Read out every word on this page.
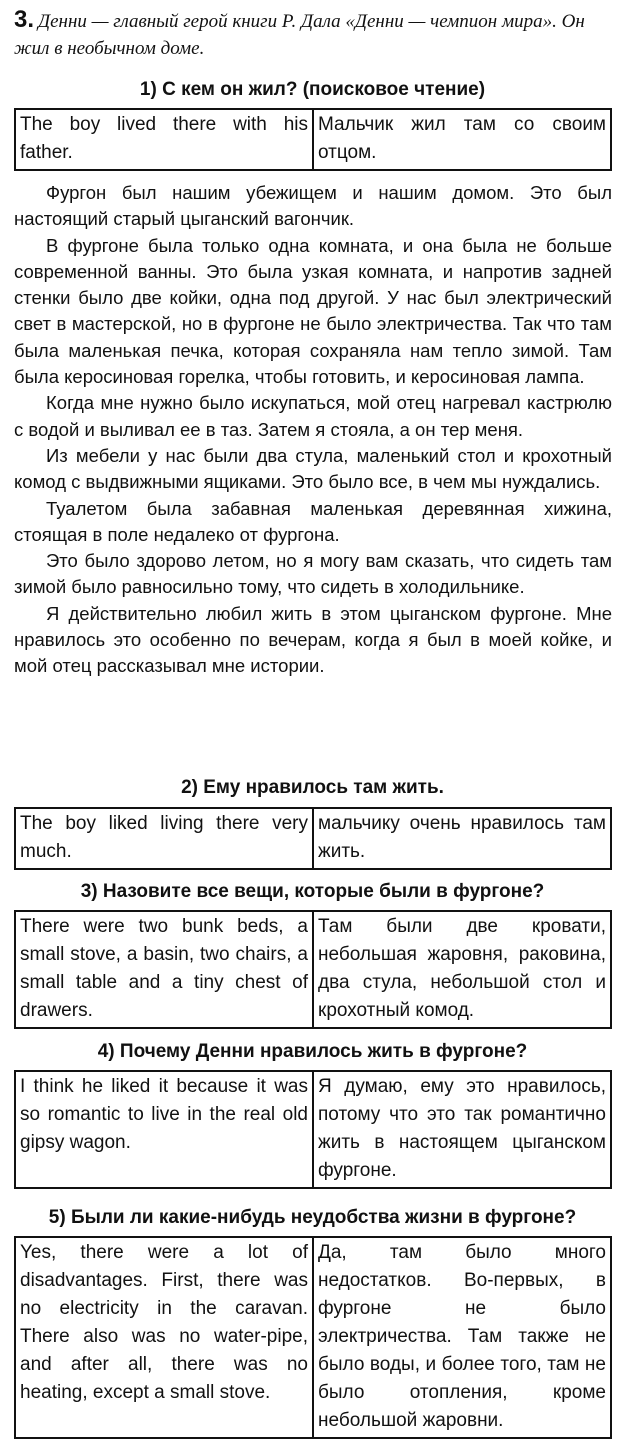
3. Денни — главный герой книги Р. Дала «Денни — чемпион мира». Он жил в необычном доме.
1) С кем он жил? (поисковое чтение)
The boy lived there with his father.	Мальчик жил там со своим отцом.

Фургон был нашим убежищем и нашим домом. Это был настоящий старый цыганский вагончик.

В фургоне была только одна комната, и она была не больше современной ванны. Это была узкая комната, и напротив задней стенки было две койки, одна под другой. У нас был электрический свет в мастерской, но в фургоне не было электричества. Так что там была маленькая печка, которая сохраняла нам тепло зимой. Там была керосиновая горелка, чтобы готовить, и керосиновая лампа.

Когда мне нужно было искупаться, мой отец нагревал кастрюлю с водой и выливал ее в таз. Затем я стояла, а он тер меня.

Из мебели у нас были два стула, маленький стол и крохотный комод с выдвижными ящиками. Это было все, в чем мы нуждались.

Туалетом была забавная маленькая деревянная хижина, стоящая в поле недалеко от фургона.

Это было здорово летом, но я могу вам сказать, что сидеть там зимой было равносильно тому, что сидеть в холодильнике.

Я действительно любил жить в этом цыганском фургоне. Мне нравилось это особенно по вечерам, когда я был в моей койке, и мой отец рассказывал мне истории.

2) Ему нравилось там жить.
The boy liked living there very much.	мальчику очень нравилось там жить.
3) Назовите все вещи, которые были в фургоне?
There were two bunk beds, a small stove, a basin, two chairs, a small table and a tiny chest of drawers.	Там были две кровати, небольшая жаровня, раковина, два стула, небольшой стол и крохотный комод.
4) Почему Денни нравилось жить в фургоне?
I think he liked it because it was so romantic to live in the real old gipsy wagon.	Я думаю, ему это нравилось, потому что это так романтично жить в настоящем цыганском фургоне.
5) Были ли какие-нибудь неудобства жизни в фургоне?
Yes, there were a lot of disadvantages. First, there was no electricity in the caravan. There also was no water-pipe, and after all, there was no heating, except a small stove.	Да, там было много недостатков. Во-первых, в фургоне не было электричества. Там также не было воды, и более того, там не было отопления, кроме небольшой жаровни.
